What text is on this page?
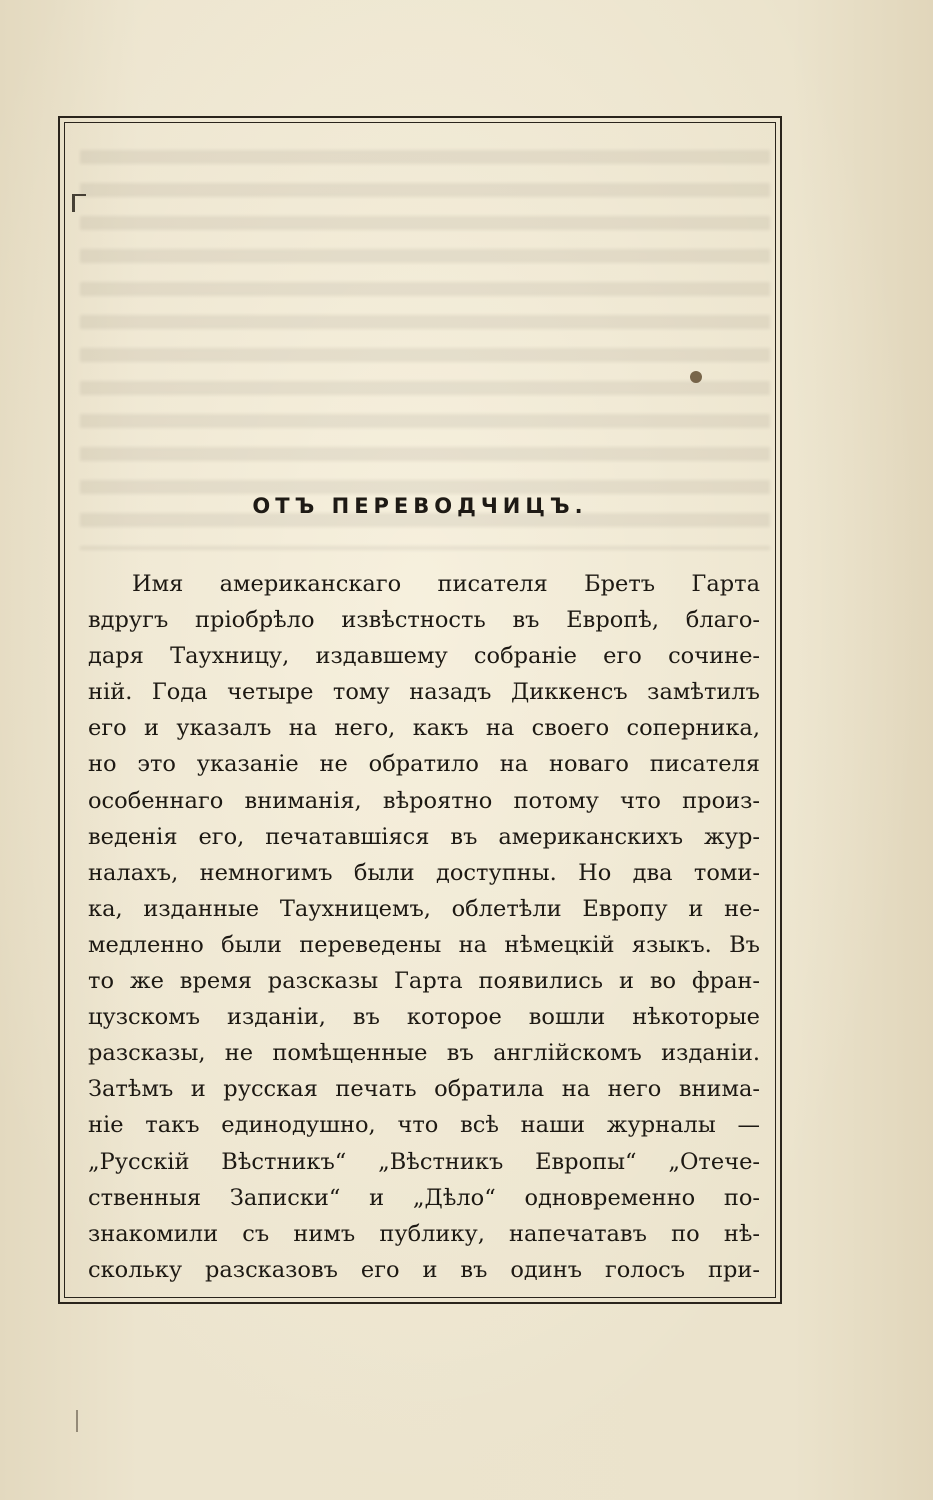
ОТЪ ПЕРЕВОДЧИЦЪ.
Имя американскаго писателя Бретъ Гарта
вдругъ пріобрѣло извѣстность въ Европѣ, благо-
даря Таухницу, издавшему собраніе его сочине-
ній. Года четыре тому назадъ Диккенсъ замѣтилъ
его и указалъ на него, какъ на своего соперника,
но это указаніе не обратило на новаго писателя
особеннаго вниманія, вѣроятно потому что произ-
веденія его, печатавшіяся въ американскихъ жур-
налахъ, немногимъ были доступны. Но два томи-
ка, изданные Таухницемъ, облетѣли Европу и не-
медленно были переведены на нѣмецкій языкъ. Въ
то же время разсказы Гарта появились и во фран-
цузскомъ изданіи, въ которое вошли нѣкоторые
разсказы, не помѣщенные въ англійскомъ изданіи.
Затѣмъ и русская печать обратила на него внима-
ніе такъ единодушно, что всѣ наши журналы —
„Русскій Вѣстникъ“ „Вѣстникъ Европы“ „Отече-
ственныя Записки“ и „Дѣло“ одновременно по-
знакомили съ нимъ публику, напечатавъ по нѣ-
скольку разсказовъ его и въ одинъ голосъ при-
